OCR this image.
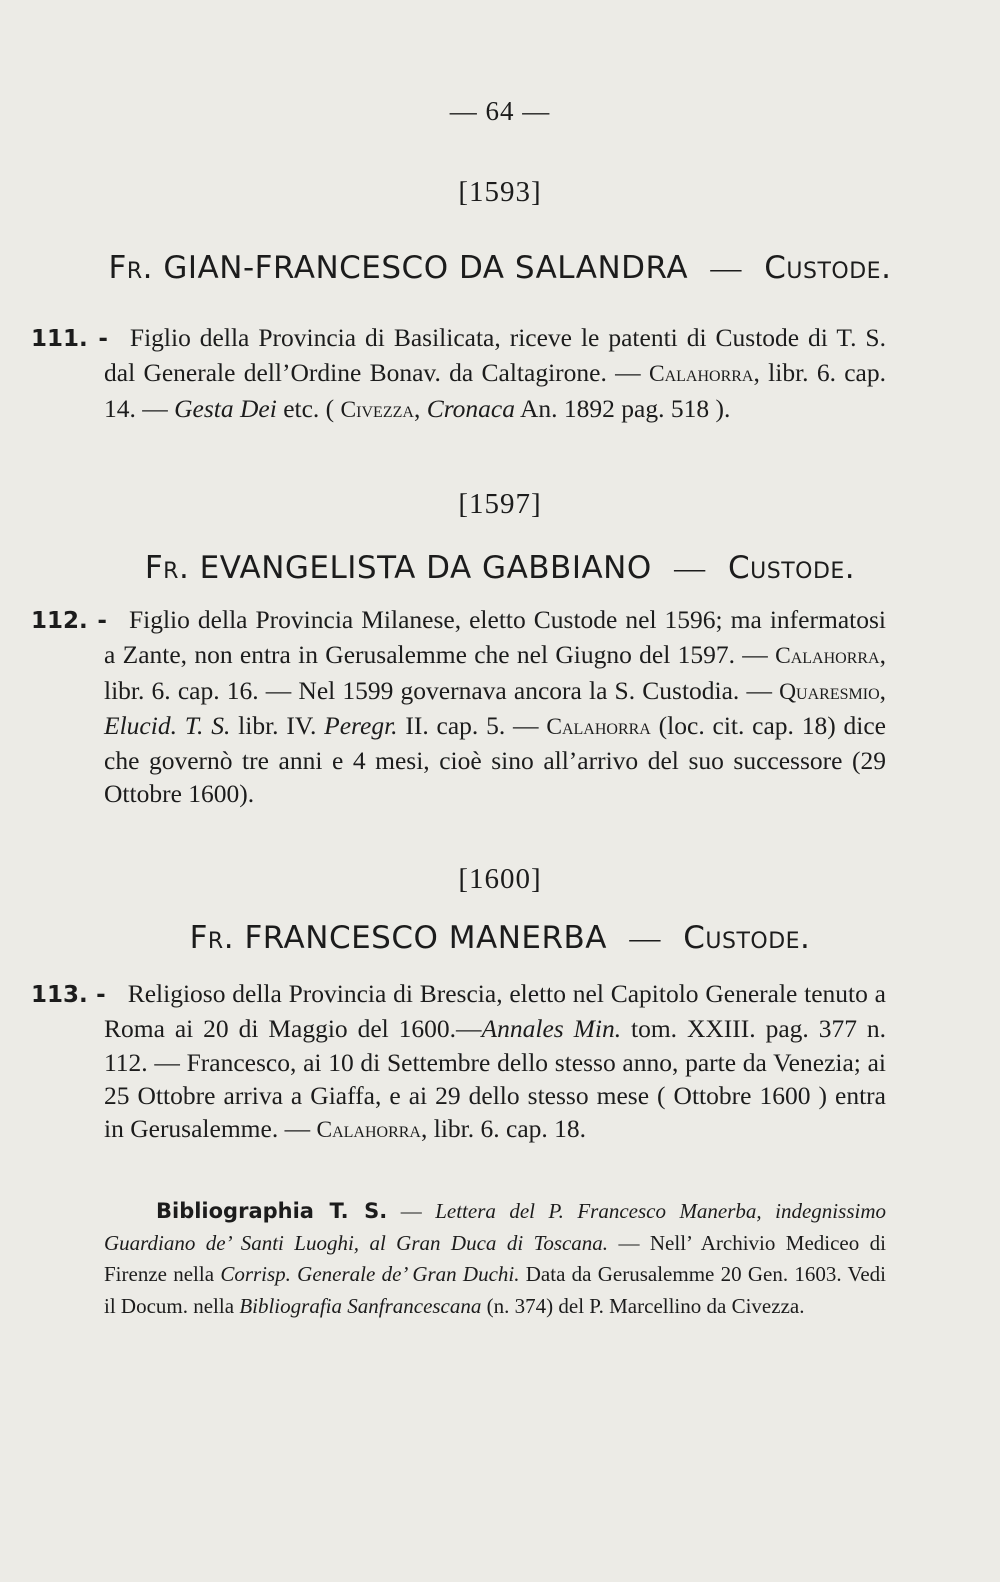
— 64 —
[1593]
Fr. GIAN-FRANCESCO DA SALANDRA — Custode.
111. - Figlio della Provincia di Basilicata, riceve le patenti di Custode di T. S. dal Generale dell’Ordine Bonav. da Caltagirone. — Calahorra, libr. 6. cap. 14. — Gesta Dei etc. ( Civezza, Cronaca An. 1892 pag. 518 ).
[1597]
Fr. EVANGELISTA DA GABBIANO — Custode.
112. - Figlio della Provincia Milanese, eletto Custode nel 1596; ma infermatosi a Zante, non entra in Gerusalemme che nel Giugno del 1597. — Calahorra, libr. 6. cap. 16. — Nel 1599 governava ancora la S. Custodia. — Quaresmio, Elucid. T. S. libr. IV. Peregr. II. cap. 5. — Calahorra (loc. cit. cap. 18) dice che governò tre anni e 4 mesi, cioè sino all’arrivo del suo successore (29 Ottobre 1600).
[1600]
Fr. FRANCESCO MANERBA — Custode.
113. - Religioso della Provincia di Brescia, eletto nel Capitolo Generale tenuto a Roma ai 20 di Maggio del 1600.—Annales Min. tom. XXIII. pag. 377 n. 112. — Francesco, ai 10 di Settembre dello stesso anno, parte da Venezia; ai 25 Ottobre arriva a Giaffa, e ai 29 dello stesso mese ( Ottobre 1600 ) entra in Gerusalemme. — Calahorra, libr. 6. cap. 18.
Bibliographia T. S. — Lettera del P. Francesco Manerba, indegnissimo Guardiano de’ Santi Luoghi, al Gran Duca di Toscana. — Nell’ Archivio Mediceo di Firenze nella Corrisp. Generale de’ Gran Duchi. Data da Gerusalemme 20 Gen. 1603. Vedi il Docum. nella Bibliografia Sanfrancescana (n. 374) del P. Marcellino da Civezza.
